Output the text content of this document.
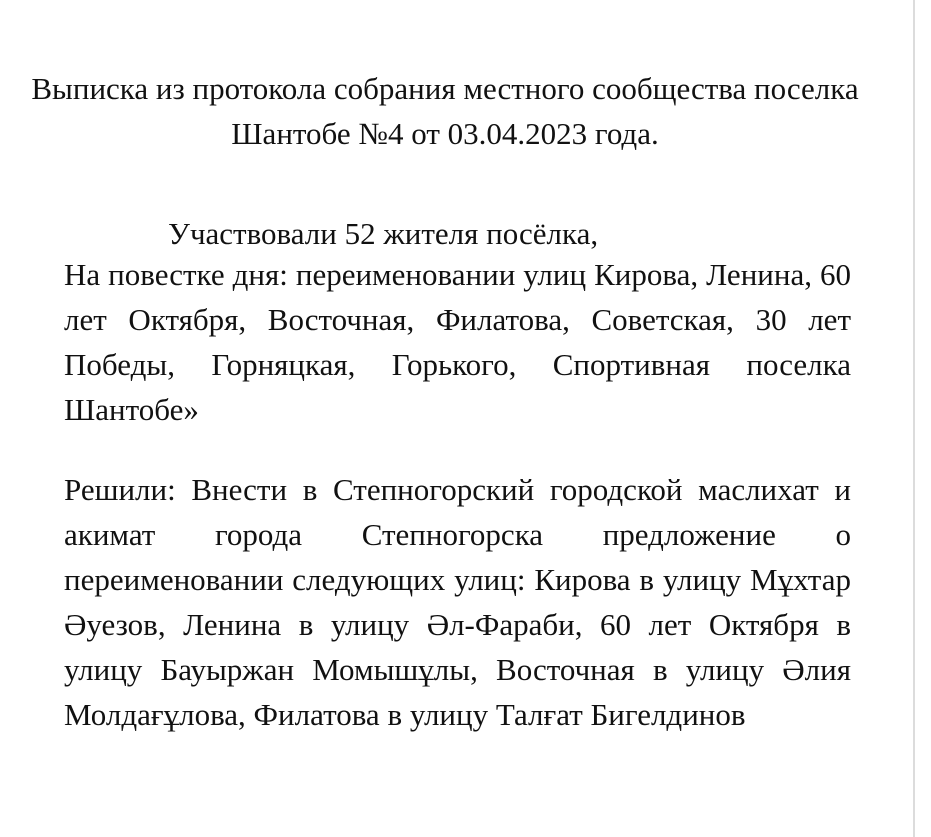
Выписка из протокола собрания местного сообщества поселка Шантобе №4 от 03.04.2023 года.
Участвовали 52 жителя посёлка,
На повестке дня: переименовании улиц Кирова, Ленина, 60 лет Октября, Восточная, Филатова, Советская, 30 лет Победы, Горняцкая, Горького, Спортивная поселка Шантобе»
Решили: Внести в Степногорский городской маслихат и акимат города Степногорска предложение о переименовании следующих улиц: Кирова в улицу Мұхтар Әуезов, Ленина в улицу Әл-Фараби, 60 лет Октября в улицу Бауыржан Момышұлы, Восточная в улицу Әлия Молдағұлова, Филатова в улицу Талғат Бигелдинов
